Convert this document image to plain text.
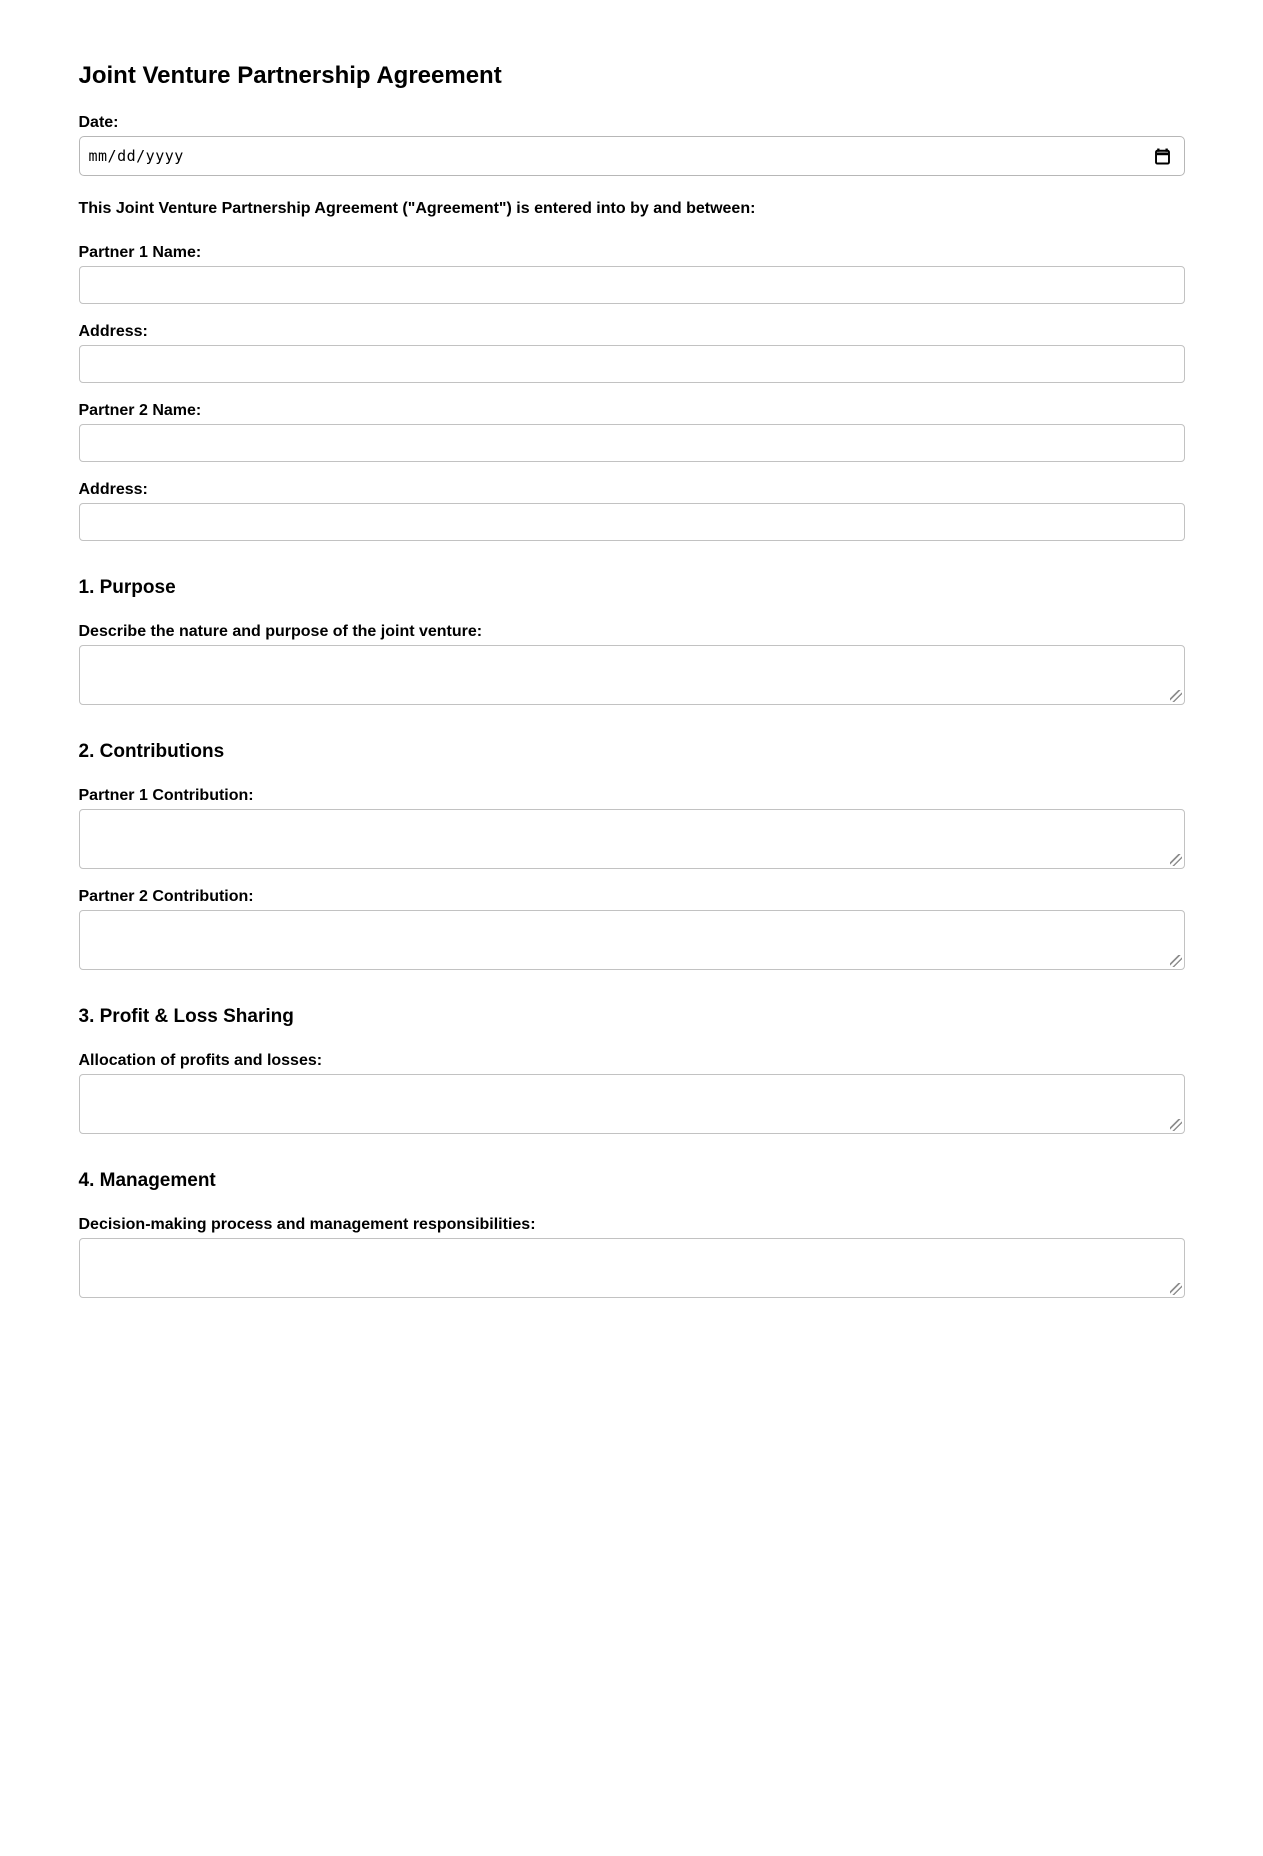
Joint Venture Partnership Agreement
Date:
mm/dd/yyyy

This Joint Venture Partnership Agreement ("Agreement") is entered into by and between:

Partner 1 Name:
Address:
Partner 2 Name:
Address:
1. Purpose
Describe the nature and purpose of the joint venture:
2. Contributions
Partner 1 Contribution:
Partner 2 Contribution:
3. Profit & Loss Sharing
Allocation of profits and losses:
4. Management
Decision-making process and management responsibilities:
